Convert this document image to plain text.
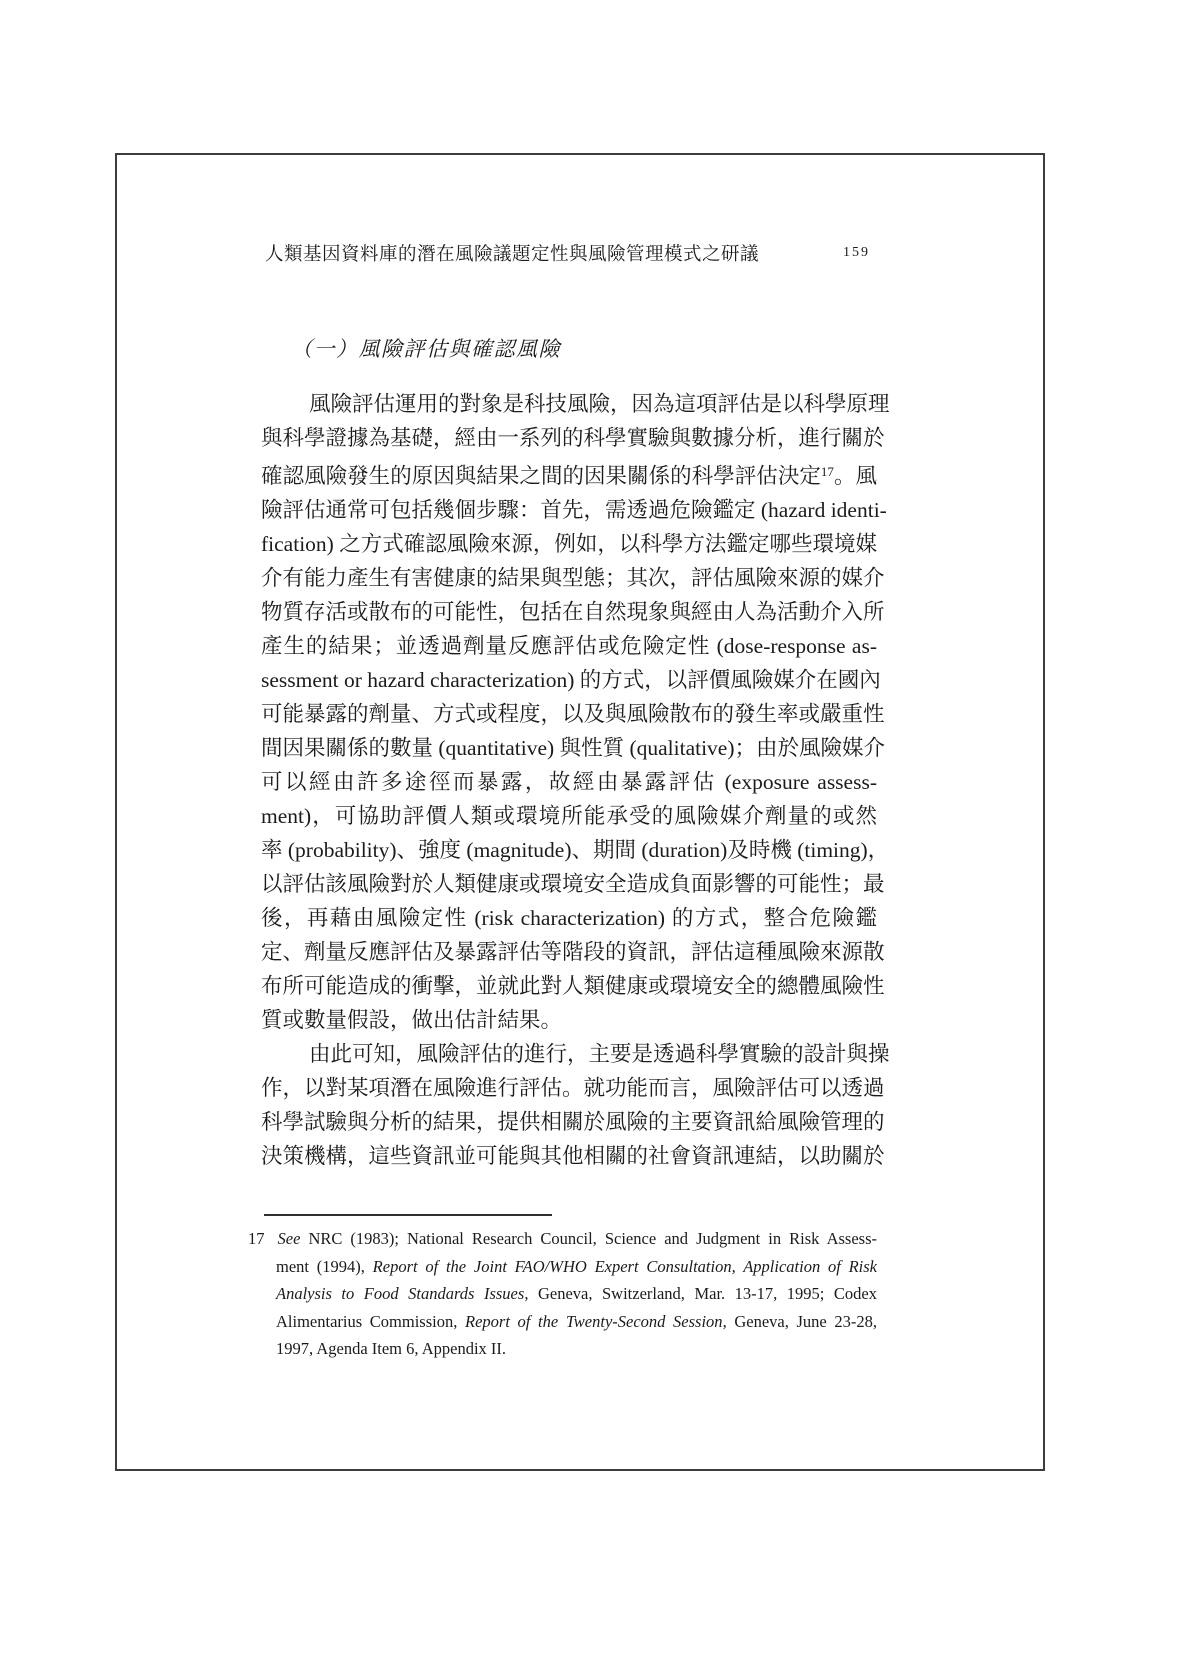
人類基因資料庫的潛在風險議題定性與風險管理模式之研議	159
（一）風險評估與確認風險
風險評估運用的對象是科技風險，因為這項評估是以科學原理
與科學證據為基礎，經由一系列的科學實驗與數據分析，進行關於
確認風險發生的原因與結果之間的因果關係的科學評估決定$^{17}$。風
險評估通常可包括幾個步驟：首先，需透過危險鑑定 (hazard identi-
fication) 之方式確認風險來源，例如，以科學方法鑑定哪些環境媒
介有能力產生有害健康的結果與型態；其次，評估風險來源的媒介
物質存活或散布的可能性，包括在自然現象與經由人為活動介入所
產生的結果；並透過劑量反應評估或危險定性 (dose-response as-
sessment or hazard characterization) 的方式，以評價風險媒介在國內
可能暴露的劑量、方式或程度，以及與風險散布的發生率或嚴重性
間因果關係的數量 (quantitative) 與性質 (qualitative)；由於風險媒介
可以經由許多途徑而暴露，故經由暴露評估 (exposure assess-
ment)，可協助評價人類或環境所能承受的風險媒介劑量的或然
率 (probability)、強度 (magnitude)、期間 (duration)及時機 (timing)，
以評估該風險對於人類健康或環境安全造成負面影響的可能性；最
後，再藉由風險定性 (risk characterization) 的方式，整合危險鑑
定、劑量反應評估及暴露評估等階段的資訊，評估這種風險來源散
布所可能造成的衝擊，並就此對人類健康或環境安全的總體風險性
質或數量假設，做出估計結果。
由此可知，風險評估的進行，主要是透過科學實驗的設計與操
作，以對某項潛在風險進行評估。就功能而言，風險評估可以透過
科學試驗與分析的結果，提供相關於風險的主要資訊給風險管理的
決策機構，這些資訊並可能與其他相關的社會資訊連結，以助關於
17 See NRC (1983); National Research Council, Science and Judgment in Risk Assess-
ment (1994), Report of the Joint FAO/WHO Expert Consultation, Application of Risk
Analysis to Food Standards Issues, Geneva, Switzerland, Mar. 13-17, 1995; Codex
Alimentarius Commission, Report of the Twenty-Second Session, Geneva, June 23-28,
1997, Agenda Item 6, Appendix II.
